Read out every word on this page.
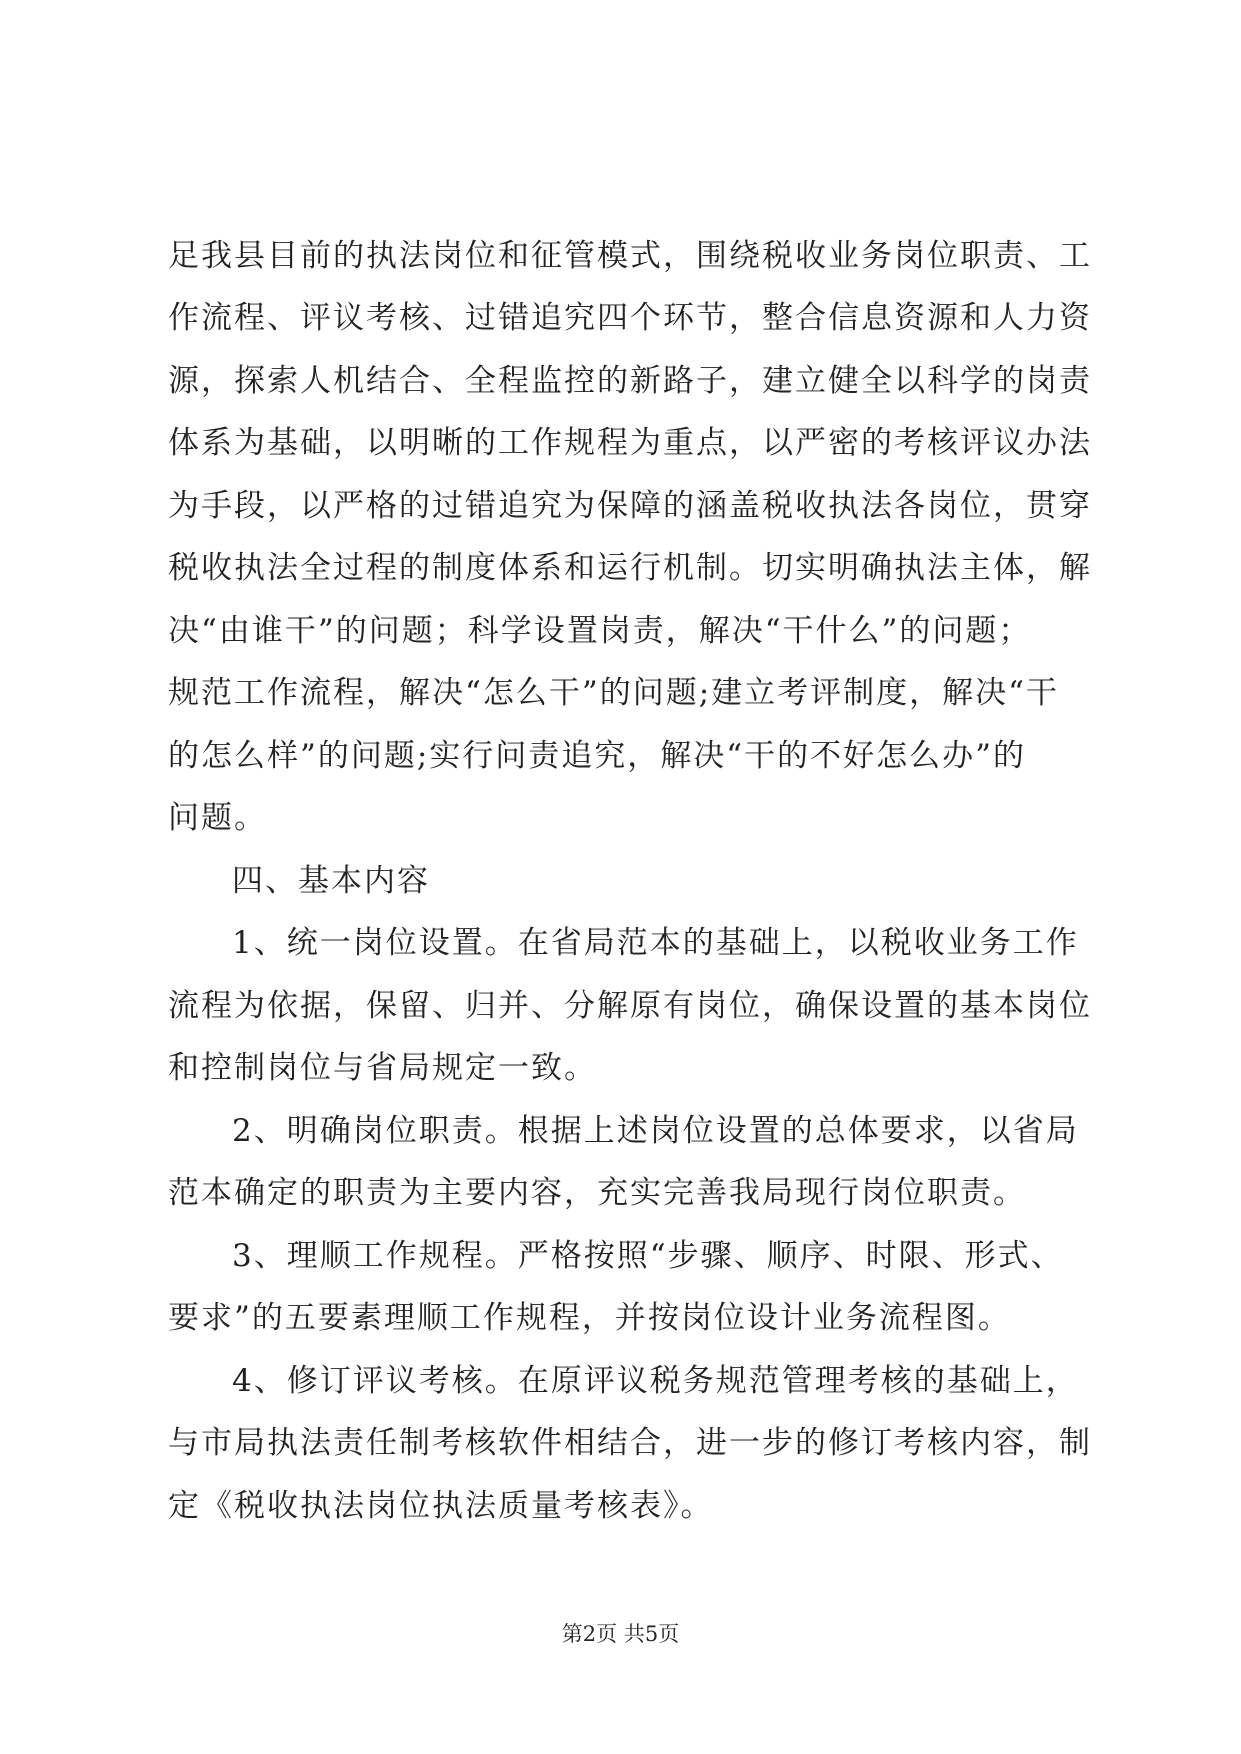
足我县目前的执法岗位和征管模式，围绕税收业务岗位职责、工
作流程、评议考核、过错追究四个环节，整合信息资源和人力资
源，探索人机结合、全程监控的新路子，建立健全以科学的岗责
体系为基础，以明晰的工作规程为重点，以严密的考核评议办法
为手段，以严格的过错追究为保障的涵盖税收执法各岗位，贯穿
税收执法全过程的制度体系和运行机制。切实明确执法主体，解
决“由谁干”的问题；科学设置岗责，解决“干什么”的问题；
规范工作流程，解决“怎么干”的问题;建立考评制度，解决“干
的怎么样”的问题;实行问责追究，解决“干的不好怎么办”的
问题。
四、基本内容
1、统一岗位设置。在省局范本的基础上，以税收业务工作
流程为依据，保留、归并、分解原有岗位，确保设置的基本岗位
和控制岗位与省局规定一致。
2、明确岗位职责。根据上述岗位设置的总体要求，以省局
范本确定的职责为主要内容，充实完善我局现行岗位职责。
3、理顺工作规程。严格按照“步骤、顺序、时限、形式、
要求”的五要素理顺工作规程，并按岗位设计业务流程图。
4、修订评议考核。在原评议税务规范管理考核的基础上，
与市局执法责任制考核软件相结合，进一步的修订考核内容，制
定《税收执法岗位执法质量考核表》。
第2页 共5页
